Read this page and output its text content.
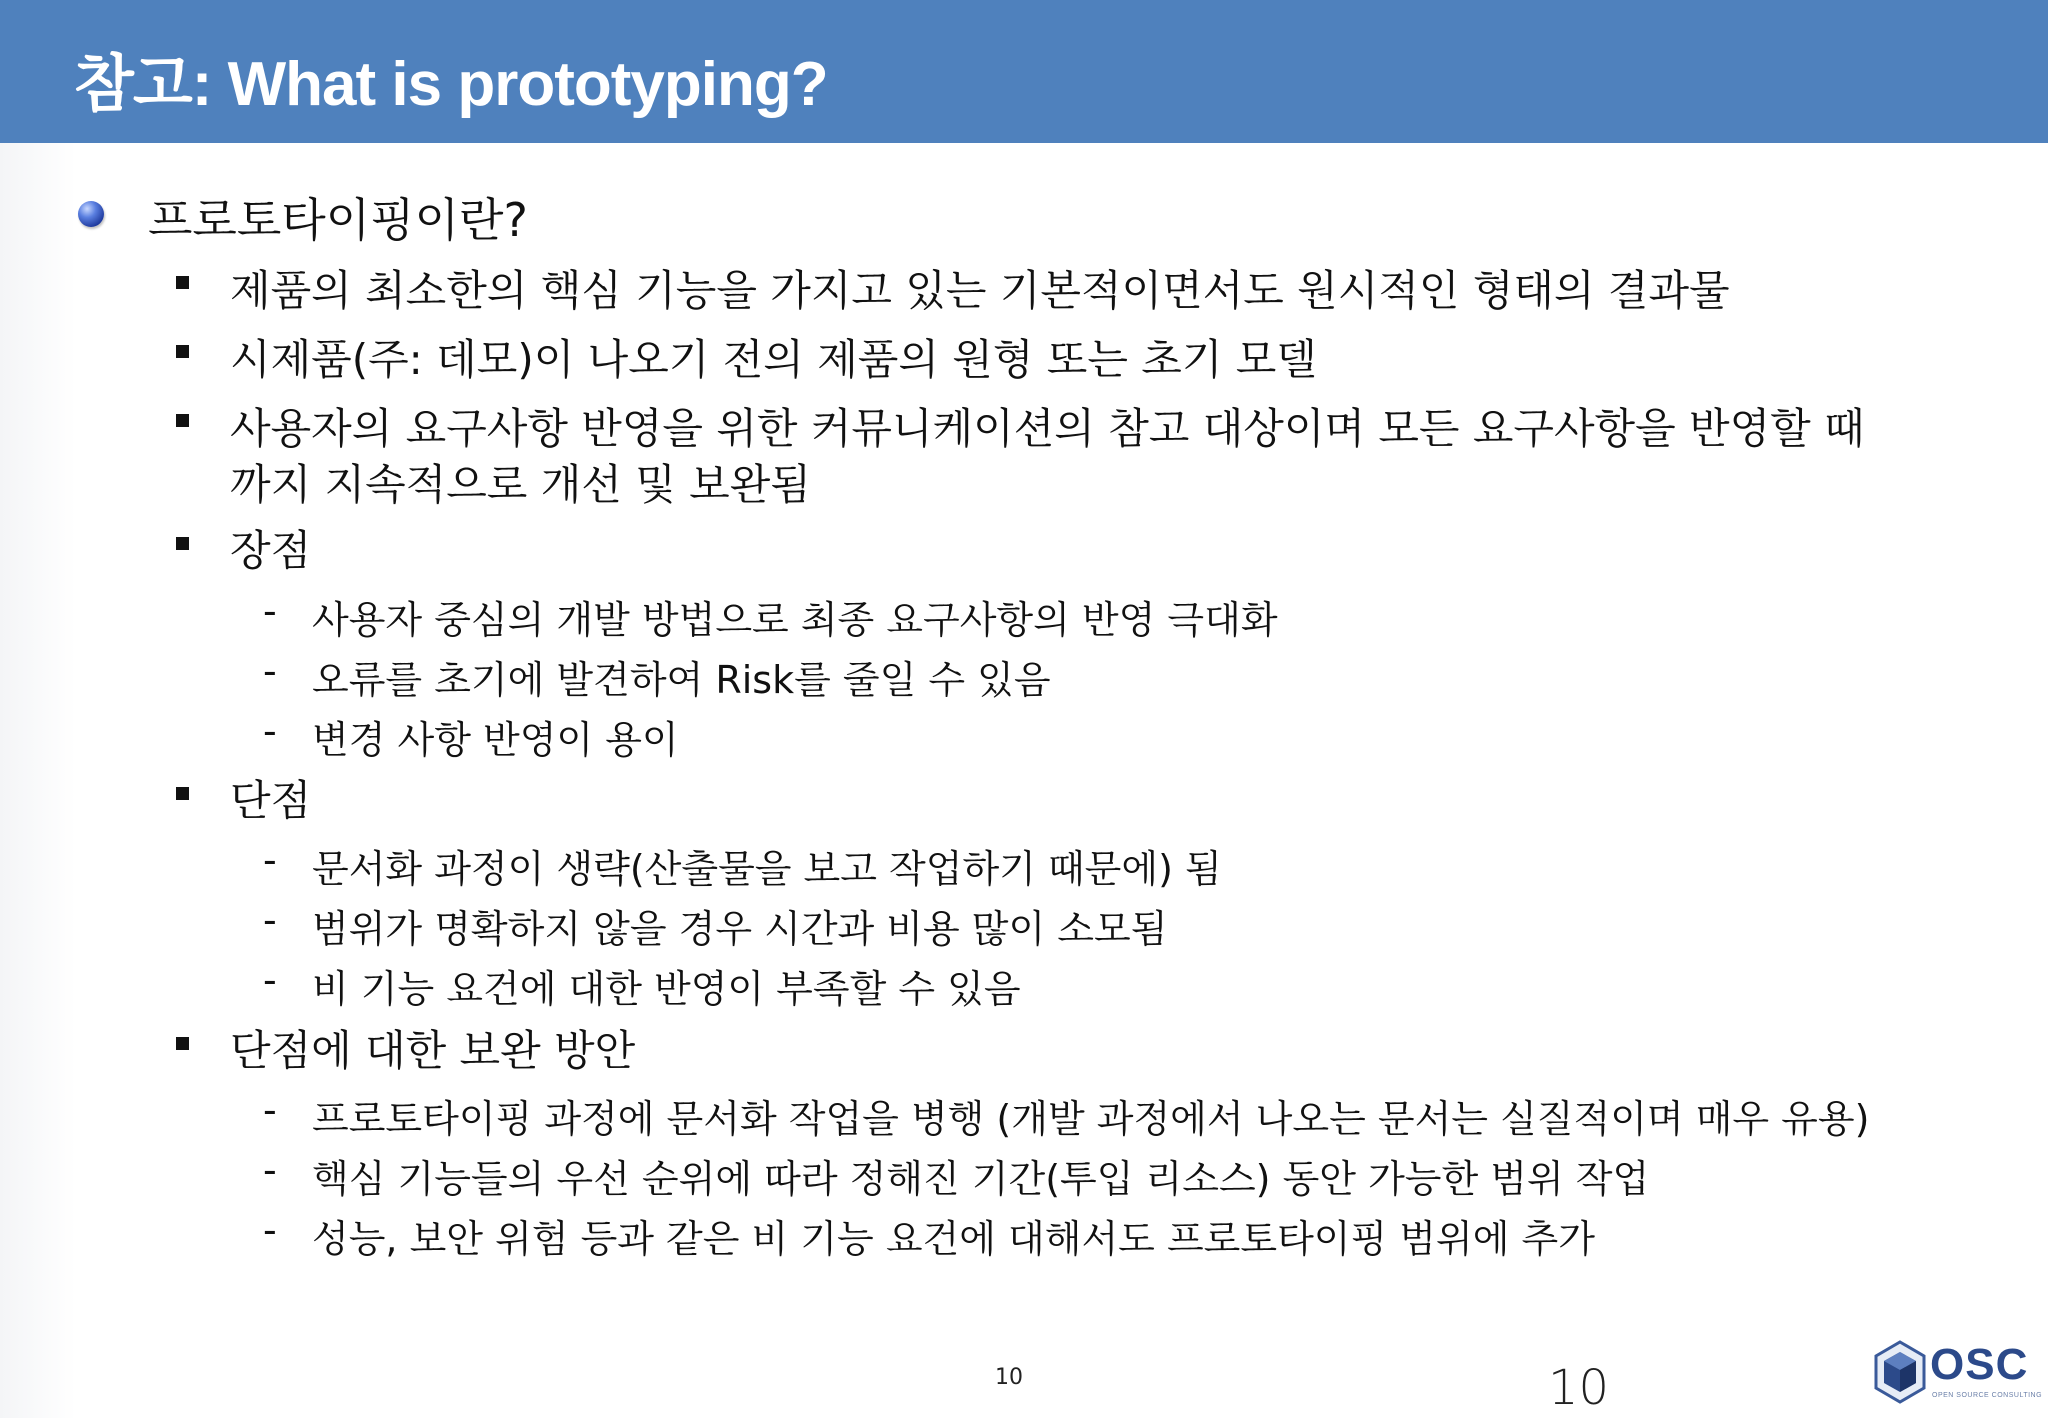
참고: What is prototyping?
프로토타이핑이란?
제품의 최소한의 핵심 기능을 가지고 있는 기본적이면서도 원시적인 형태의 결과물
시제품(주: 데모)이 나오기 전의 제품의 원형 또는 초기 모델
사용자의 요구사항 반영을 위한 커뮤니케이션의 참고 대상이며 모든 요구사항을 반영할 때
까지 지속적으로 개선 및 보완됨
장점
- 사용자 중심의 개발 방법으로 최종 요구사항의 반영 극대화
- 오류를 초기에 발견하여 Risk를 줄일 수 있음
- 변경 사항 반영이 용이
단점
- 문서화 과정이 생략(산출물을 보고 작업하기 때문에) 됨
- 범위가 명확하지 않을 경우 시간과 비용 많이 소모됨
- 비 기능 요건에 대한 반영이 부족할 수 있음
단점에 대한 보완 방안
- 프로토타이핑 과정에 문서화 작업을 병행 (개발 과정에서 나오는 문서는 실질적이며 매우 유용)
- 핵심 기능들의 우선 순위에 따라 정해진 기간(투입 리소스) 동안 가능한 범위 작업
- 성능, 보안 위험 등과 같은 비 기능 요건에 대해서도 프로토타이핑 범위에 추가
10	10	OSC
OPEN SOURCE CONSULTING
